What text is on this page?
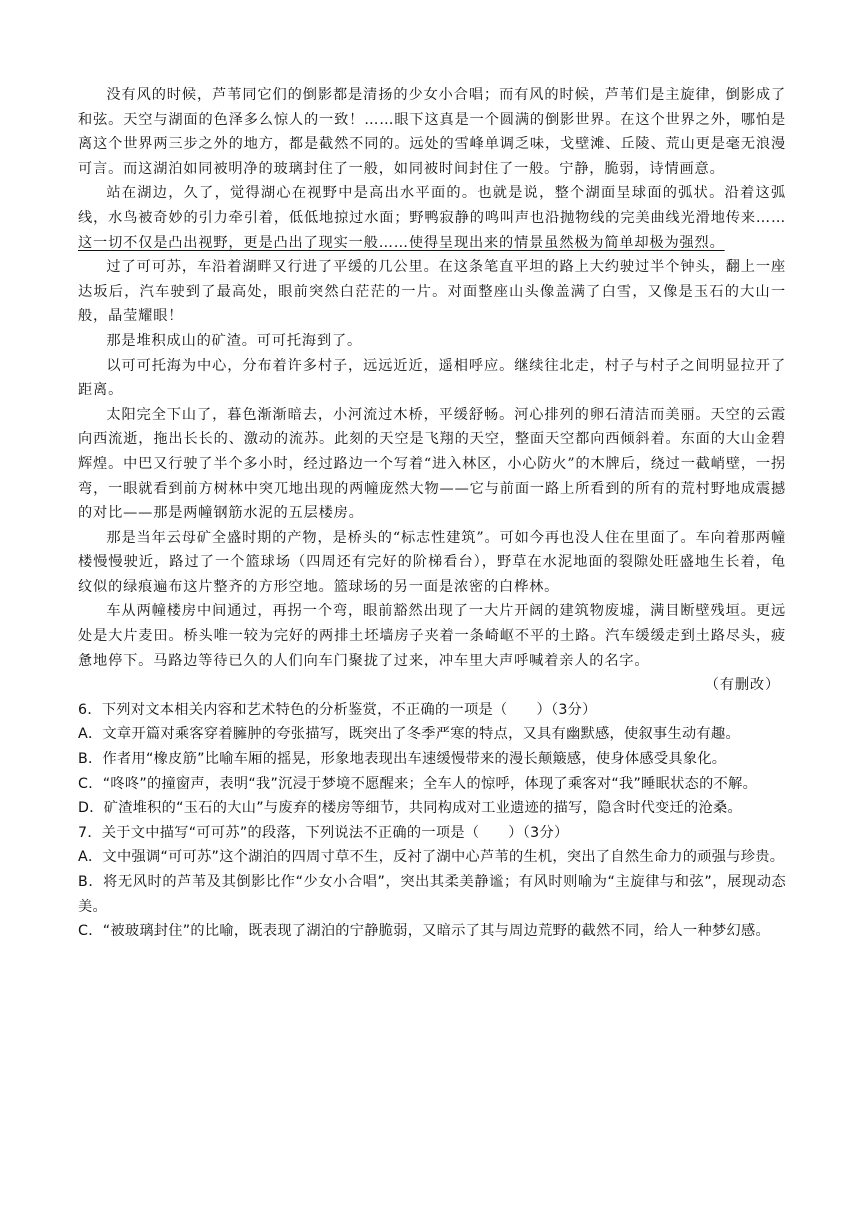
没有风的时候，芦苇同它们的倒影都是清扬的少女小合唱；而有风的时候，芦苇们是主旋律，倒影成了和弦。天空与湖面的色泽多么惊人的一致！……眼下这真是一个圆满的倒影世界。在这个世界之外，哪怕是离这个世界两三步之外的地方，都是截然不同的。远处的雪峰单调乏味，戈壁滩、丘陵、荒山更是毫无浪漫可言。而这湖泊如同被明净的玻璃封住了一般，如同被时间封住了一般。宁静，脆弱，诗情画意。

站在湖边，久了，觉得湖心在视野中是高出水平面的。也就是说，整个湖面呈球面的弧状。沿着这弧线，水鸟被奇妙的引力牵引着，低低地掠过水面；野鸭寂静的鸣叫声也沿抛物线的完美曲线光滑地传来……这一切不仅是凸出视野，更是凸出了现实一般……使得呈现出来的情景虽然极为简单却极为强烈。

过了可可苏，车沿着湖畔又行进了平缓的几公里。在这条笔直平坦的路上大约驶过半个钟头，翻上一座达坂后，汽车驶到了最高处，眼前突然白茫茫的一片。对面整座山头像盖满了白雪，又像是玉石的大山一般，晶莹耀眼！

那是堆积成山的矿渣。可可托海到了。

以可可托海为中心，分布着许多村子，远远近近，遥相呼应。继续往北走，村子与村子之间明显拉开了距离。

太阳完全下山了，暮色渐渐暗去，小河流过木桥，平缓舒畅。河心排列的卵石清洁而美丽。天空的云霞向西流逝，拖出长长的、激动的流苏。此刻的天空是飞翔的天空，整面天空都向西倾斜着。东面的大山金碧辉煌。中巴又行驶了半个多小时，经过路边一个写着“进入林区，小心防火”的木牌后，绕过一截峭壁，一拐弯，一眼就看到前方树林中突兀地出现的两幢庞然大物——它与前面一路上所看到的所有的荒村野地成震撼的对比——那是两幢钢筋水泥的五层楼房。

那是当年云母矿全盛时期的产物，是桥头的“标志性建筑”。可如今再也没人住在里面了。车向着那两幢楼慢慢驶近，路过了一个篮球场（四周还有完好的阶梯看台），野草在水泥地面的裂隙处旺盛地生长着，龟纹似的绿痕遍布这片整齐的方形空地。篮球场的另一面是浓密的白桦林。

车从两幢楼房中间通过，再拐一个弯，眼前豁然出现了一大片开阔的建筑物废墟，满目断壁残垣。更远处是大片麦田。桥头唯一较为完好的两排土坯墙房子夹着一条崎岖不平的土路。汽车缓缓走到土路尽头，疲惫地停下。马路边等待已久的人们向车门聚拢了过来，冲车里大声呼喊着亲人的名字。

（有删改）

6．下列对文本相关内容和艺术特色的分析鉴赏，不正确的一项是（　　）（3分）

A．文章开篇对乘客穿着臃肿的夸张描写，既突出了冬季严寒的特点，又具有幽默感，使叙事生动有趣。

B．作者用“橡皮筋”比喻车厢的摇晃，形象地表现出车速缓慢带来的漫长颠簸感，使身体感受具象化。

C．“咚咚”的撞窗声，表明“我”沉浸于梦境不愿醒来；全车人的惊呼，体现了乘客对“我”睡眠状态的不解。

D．矿渣堆积的“玉石的大山”与废弃的楼房等细节，共同构成对工业遗迹的描写，隐含时代变迁的沧桑。

7．关于文中描写“可可苏”的段落，下列说法不正确的一项是（　　）（3分）

A．文中强调“可可苏”这个湖泊的四周寸草不生，反衬了湖中心芦苇的生机，突出了自然生命力的顽强与珍贵。

B．将无风时的芦苇及其倒影比作“少女小合唱”，突出其柔美静谧；有风时则喻为“主旋律与和弦”，展现动态美。

C．“被玻璃封住”的比喻，既表现了湖泊的宁静脆弱，又暗示了其与周边荒野的截然不同，给人一种梦幻感。
